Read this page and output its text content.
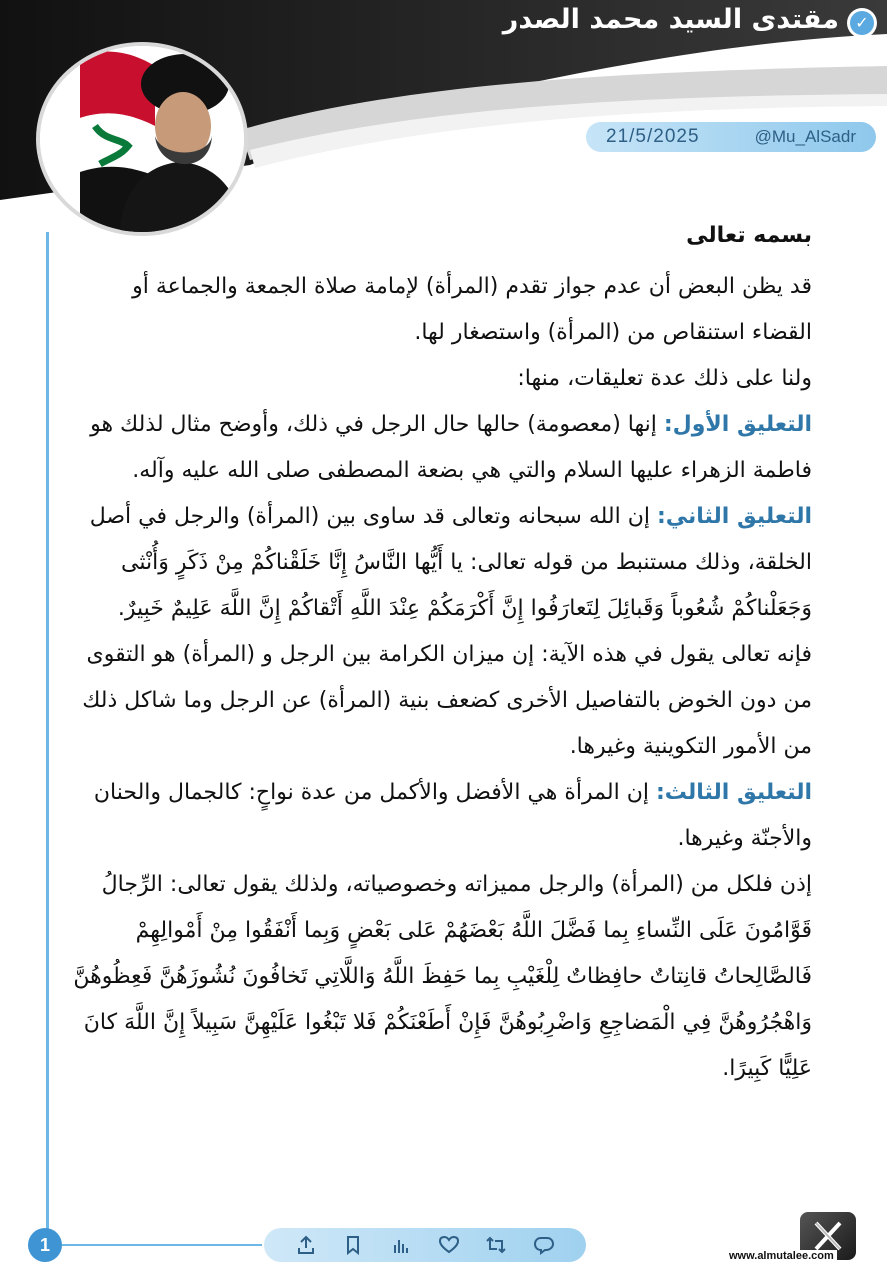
مقتدى السيد محمد الصدر	✓
21/5/2025	@Mu_AlSadr

بسمه تعالى

قد يظن البعض أن عدم جواز تقدم (المرأة) لإمامة صلاة الجمعة والجماعة أو القضاء استنقاص من (المرأة) واستصغار لها.

ولنا على ذلك عدة تعليقات، منها:

التعليق الأول: إنها (معصومة) حالها حال الرجل في ذلك، وأوضح مثال لذلك هو فاطمة الزهراء عليها السلام والتي هي بضعة المصطفى صلى الله عليه وآله.

التعليق الثاني: إن الله سبحانه وتعالى قد ساوى بين (المرأة) والرجل في أصل الخلقة، وذلك مستنبط من قوله تعالى: يا أَيُّها النَّاسُ إِنَّا خَلَقْناكُمْ مِنْ ذَكَرٍ وَأُنْثى وَجَعَلْناكُمْ شُعُوباً وَقَبائِلَ لِتَعارَفُوا إِنَّ أَكْرَمَكُمْ عِنْدَ اللَّهِ أَتْقاكُمْ إِنَّ اللَّهَ عَلِيمٌ خَبِيرٌ.

فإنه تعالى يقول في هذه الآية: إن ميزان الكرامة بين الرجل و (المرأة) هو التقوى من دون الخوض بالتفاصيل الأخرى كضعف بنية (المرأة) عن الرجل وما شاكل ذلك من الأمور التكوينية وغيرها.

التعليق الثالث: إن المرأة هي الأفضل والأكمل من عدة نواحٍ: كالجمال والحنان والأجنّة وغيرها.

إذن فلكل من (المرأة) والرجل مميزاته وخصوصياته، ولذلك يقول تعالى: الرِّجالُ قَوَّامُونَ عَلَى النِّساءِ بِما فَضَّلَ اللَّهُ بَعْضَهُمْ عَلى بَعْضٍ وَبِما أَنْفَقُوا مِنْ أَمْوالِهِمْ فَالصَّالِحاتُ قانِتاتٌ حافِظاتٌ لِلْغَيْبِ بِما حَفِظَ اللَّهُ وَاللَّاتِي تَخافُونَ نُشُوزَهُنَّ فَعِظُوهُنَّ وَاهْجُرُوهُنَّ فِي الْمَضاجِعِ وَاضْرِبُوهُنَّ فَإِنْ أَطَعْنَكُمْ فَلا تَبْغُوا عَلَيْهِنَّ سَبِيلاً إِنَّ اللَّهَ كانَ عَلِيًّا كَبِيرًا.

1
www.almutalee.com
